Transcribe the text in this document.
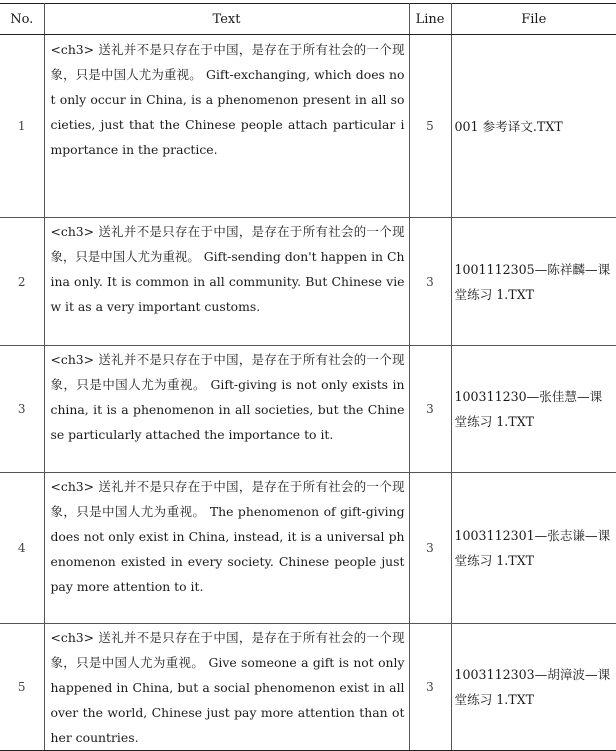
No.	Text	Line	File
1	<ch3> 送礼并不是只存在于中国，是存在于所有社会的一个现象，只是中国人尤为重视。 Gift-exchanging, which does not only occur in China, is a phenomenon present in all societies, just that the Chinese people attach particular importance in the practice.	5	001 参考译文.TXT
2	<ch3> 送礼并不是只存在于中国，是存在于所有社会的一个现象，只是中国人尤为重视。 Gift-sending don't happen in China only. It is common in all community. But Chinese view it as a very important customs.	3	1001112305—陈祥麟—课堂练习 1.TXT
3	<ch3> 送礼并不是只存在于中国，是存在于所有社会的一个现象，只是中国人尤为重视。 Gift-giving is not only exists in china, it is a phenomenon in all societies, but the Chinese particularly attached the importance to it.	3	100311230—张佳慧—课堂练习 1.TXT
4	<ch3> 送礼并不是只存在于中国，是存在于所有社会的一个现象，只是中国人尤为重视。 The phenomenon of gift-giving does not only exist in China, instead, it is a universal phenomenon existed in every society. Chinese people just pay more attention to it.	3	1003112301—张志谦—课堂练习 1.TXT
5	<ch3> 送礼并不是只存在于中国，是存在于所有社会的一个现象，只是中国人尤为重视。 Give someone a gift is not only happened in China, but a social phenomenon exist in all over the world, Chinese just pay more attention than other countries.	3	1003112303—胡漳波—课堂练习 1.TXT
